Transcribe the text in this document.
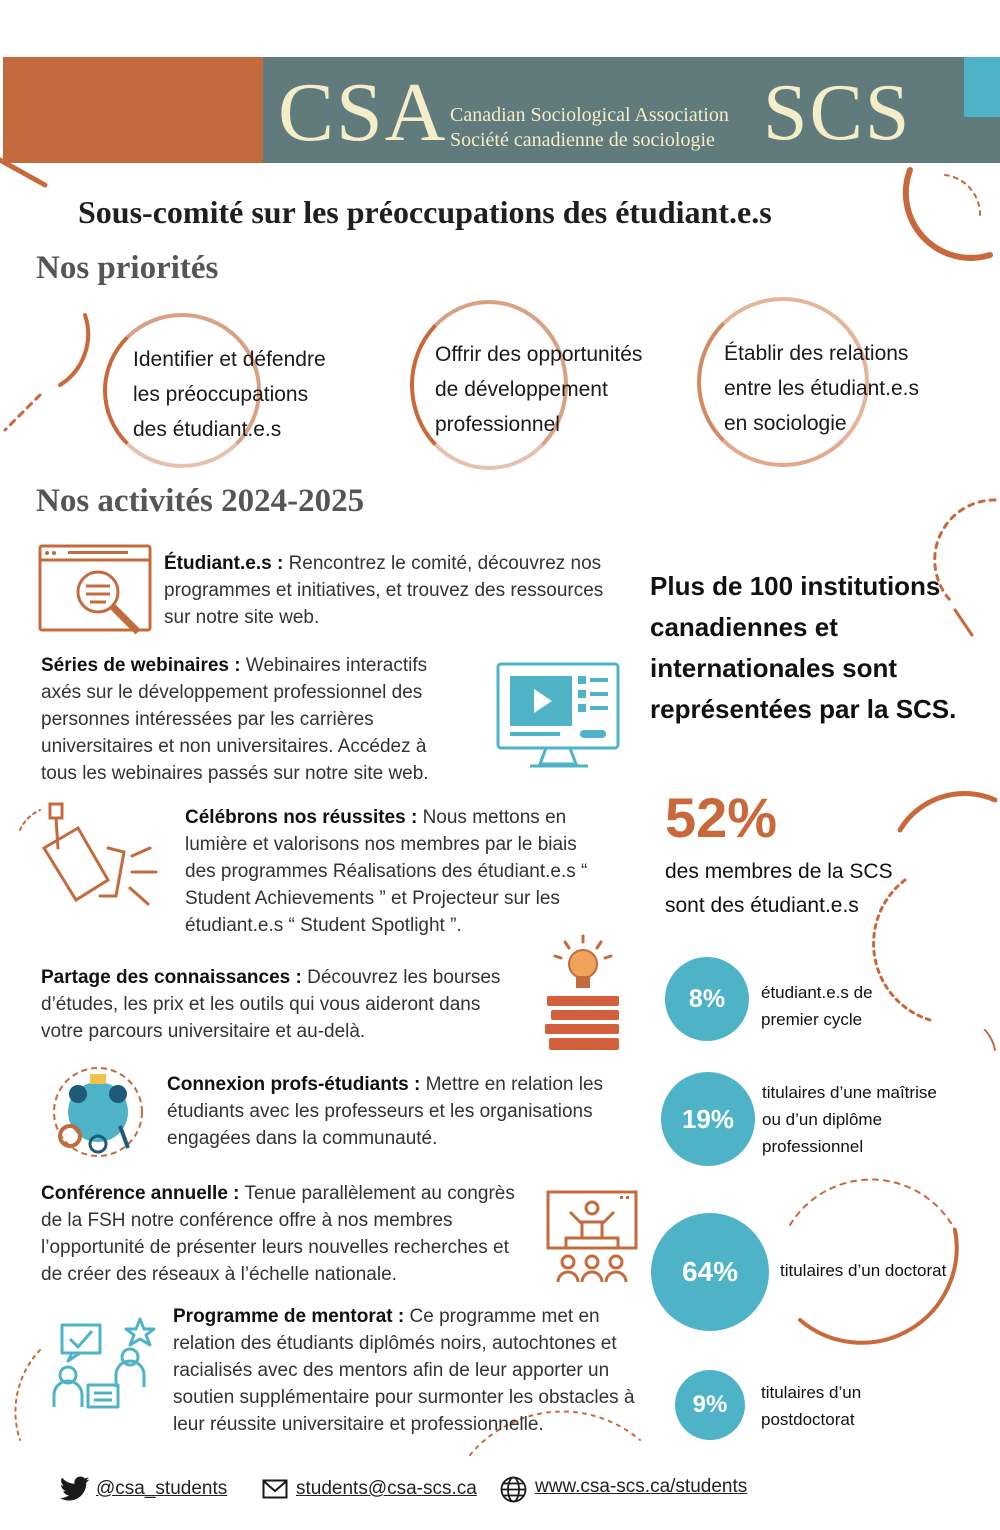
CSA Canadian Sociological Association
Société canadienne de sociologie SCS
Sous-comité sur les préoccupations des étudiant.e.s
Nos priorités
Identifier et défendre
les préoccupations
des étudiant.e.s
Offrir des opportunités
de développement
professionnel
Établir des relations
entre les étudiant.e.s
en sociologie
Nos activités 2024-2025
Étudiant.e.s : Rencontrez le comité, découvrez nos programmes et initiatives, et trouvez des ressources sur notre site web.
Séries de webinaires : Webinaires interactifs axés sur le développement professionnel des personnes intéressées par les carrières universitaires et non universitaires. Accédez à tous les webinaires passés sur notre site web.
Célébrons nos réussites : Nous mettons en lumière et valorisons nos membres par le biais des programmes Réalisations des étudiant.e.s “ Student Achievements ” et Projecteur sur les étudiant.e.s “ Student Spotlight ”.
Partage des connaissances : Découvrez les bourses d’études, les prix et les outils qui vous aideront dans votre parcours universitaire et au-delà.
Connexion profs-étudiants : Mettre en relation les étudiants avec les professeurs et les organisations engagées dans la communauté.
Conférence annuelle : Tenue parallèlement au congrès de la FSH notre conférence offre à nos membres l’opportunité de présenter leurs nouvelles recherches et de créer des réseaux à l’échelle nationale.
Programme de mentorat : Ce programme met en relation des étudiants diplômés noirs, autochtones et racialisés avec des mentors afin de leur apporter un soutien supplémentaire pour surmonter les obstacles à leur réussite universitaire et professionnelle.
Plus de 100 institutions
canadiennes et
internationales sont
représentées par la SCS.
52%
des membres de la SCS
sont des étudiant.e.s
8%	étudiant.e.s de
premier cycle
19%
titulaires d’une maîtrise
ou d’un diplôme
professionnel
64%	titulaires d’un doctorat
9%	titulaires d’un
postdoctorat
@csa_students	students@csa-scs.ca	www.csa-scs.ca/students
